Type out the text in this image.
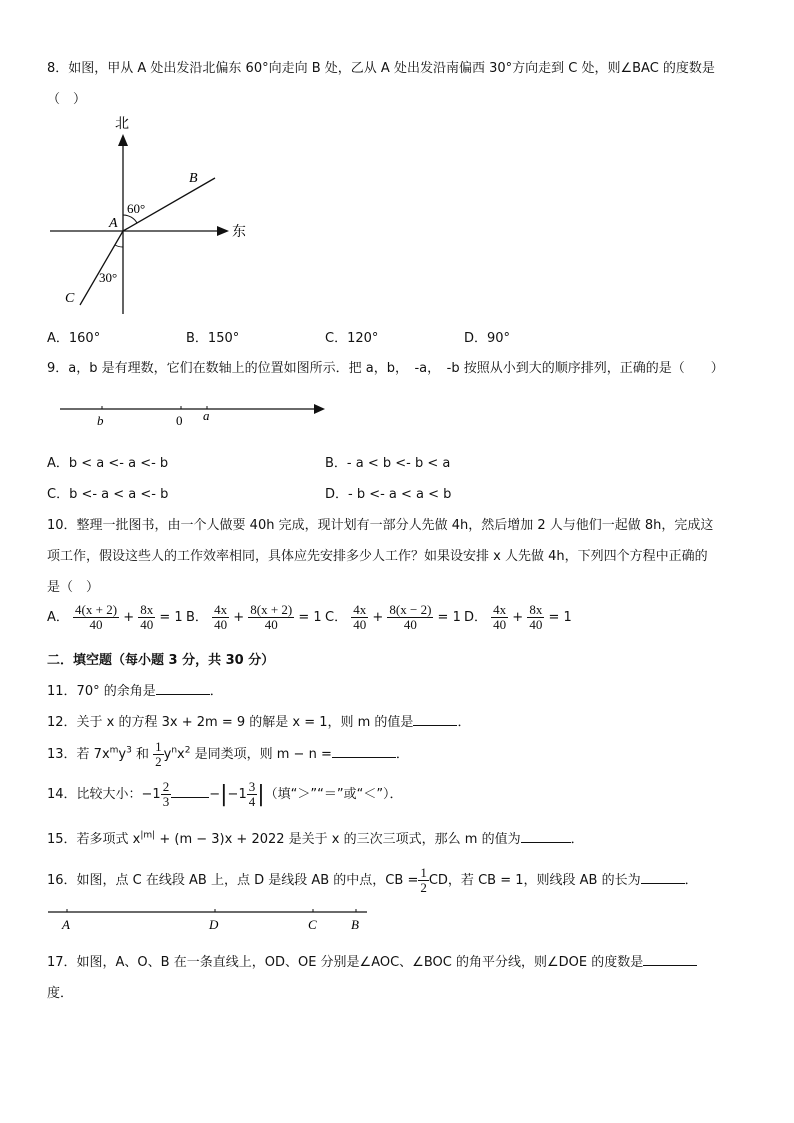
8．如图，甲从 A 处出发沿北偏东 60°向走向 B 处，乙从 A 处出发沿南偏西 30°方向走到 C 处，则∠BAC 的度数是
（　）
北
东
A
B
C
60°
30°
A．160°	B．150°	C．120°	D．90°
9．a，b 是有理数，它们在数轴上的位置如图所示．把 a，b，　-a，　-b 按照从小到大的顺序排列，正确的是（　　）
b	0 a
A．b < a <- a <- b	B．- a < b <- b < a
C．b <- a < a <- b	D．- b <- a < a < b
10．整理一批图书，由一个人做要 40h 完成，现计划有一部分人先做 4h，然后增加 2 人与他们一起做 8h，完成这
项工作，假设这些人的工作效率相同，具体应先安排多少人工作？如果设安排 x 人先做 4h，下列四个方程中正确的
是（　）
A． $\frac{4(x + 2)}{40} + \frac{8x}{40} = 1$ B． $\frac{4x}{40} + \frac{8(x + 2)}{40} = 1$ C． $\frac{4x}{40} + \frac{8(x - 2)}{40} = 1$ D． $\frac{4x}{40} + \frac{8x}{40} = 1$
二．填空题（每小题 3 分，共 30 分）
11．70° 的余角是	．
12．关于 x 的方程 3x + 2m = 9 的解是 x = 1，则 m 的值是	．
13．若 $7x^my^3$ 和 $\frac{1}{2} y^nx^2$ 是同类项，则 m − n =	．
14．比较大小：$-1 \frac{2}{3}$	$-|-1 \frac{3}{4}$ |（填“＞”“＝”或“＜”）．
15．若多项式 $x^{|m|} + (m - 3)x + 2022$ 是关于 x 的三次三项式，那么 m 的值为	．
16．如图，点 C 在线段 AB 上，点 D 是线段 AB 的中点，CB = $\frac{1}{2}$ CD，若 CB = 1，则线段 AB 的长为	．
A	D	C	B
17．如图，A、O、B 在一条直线上，OD、OE 分别是∠AOC、∠BOC 的角平分线，则∠DOE 的度数是
度．
